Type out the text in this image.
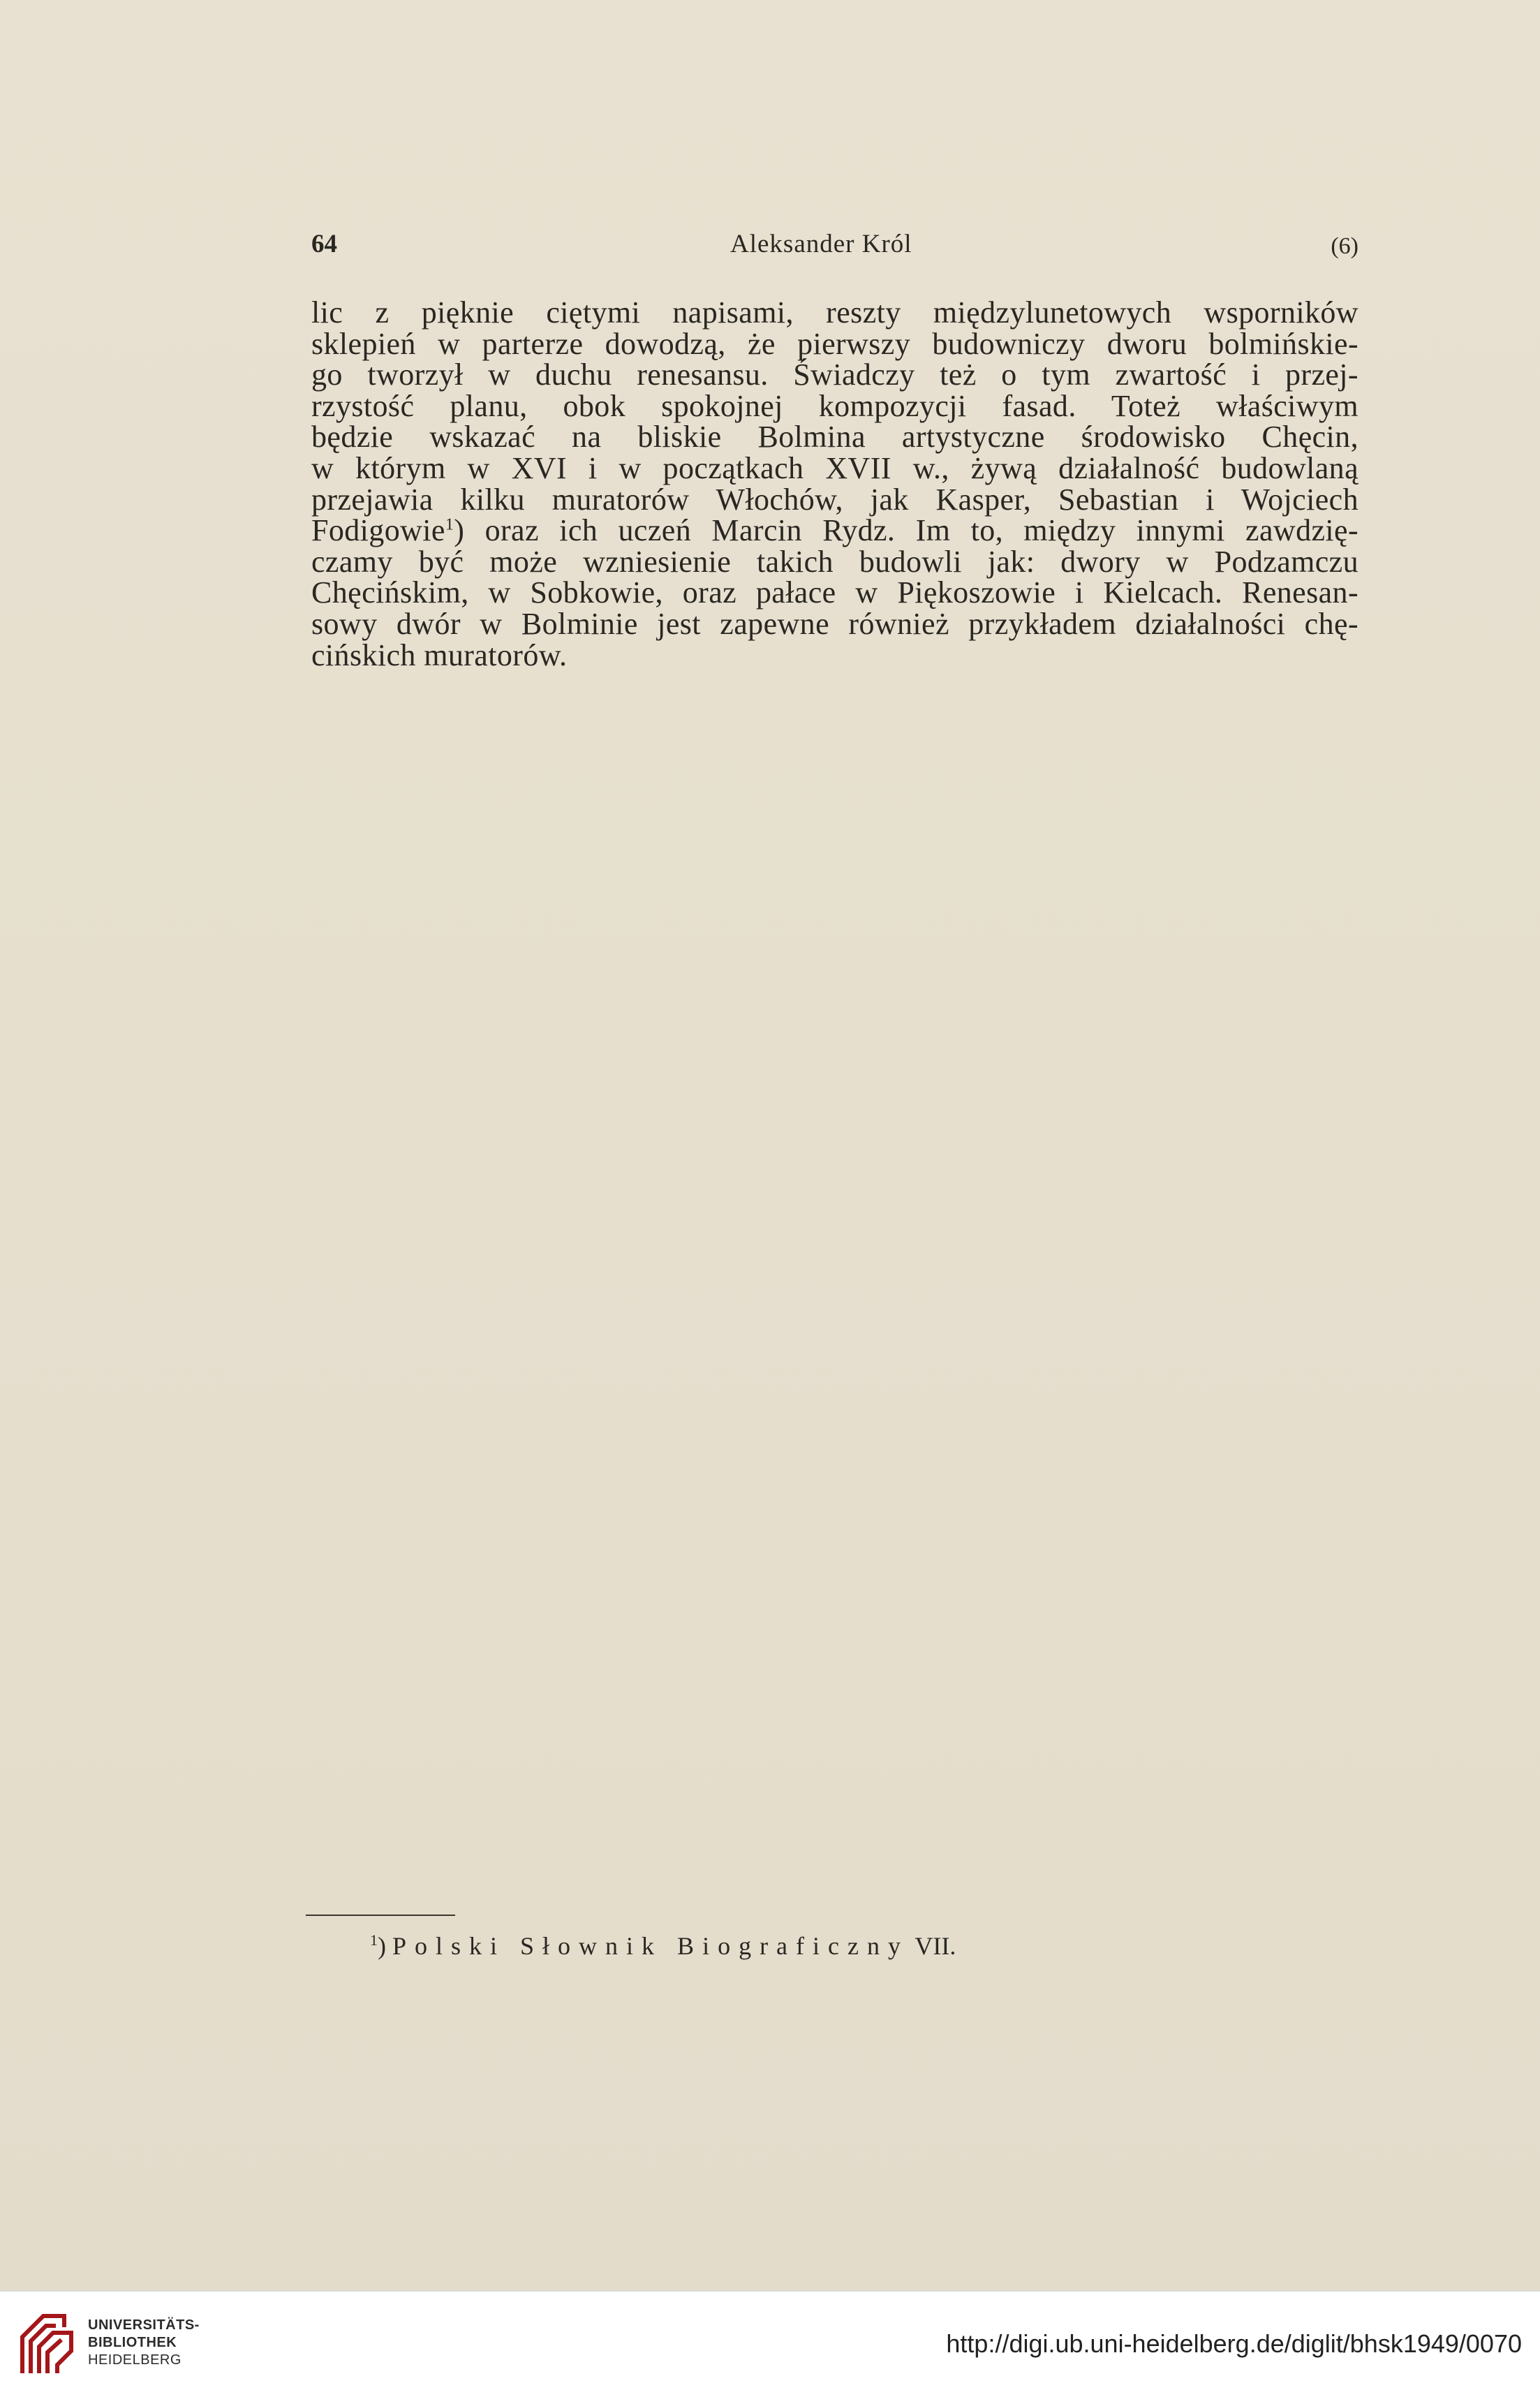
64	Aleksander Król	(6)
lic z pięknie ciętymi napisami, reszty międzylunetowych wsporników
sklepień w parterze dowodzą, że pierwszy budowniczy dworu bolmińskie-
go tworzył w duchu renesansu. Świadczy też o tym zwartość i przej-
rzystość planu, obok spokojnej kompozycji fasad. Toteż właściwym
będzie wskazać na bliskie Bolmina artystyczne środowisko Chęcin,
w którym w XVI i w początkach XVII w., żywą działalność budowlaną
przejawia kilku muratorów Włochów, jak Kasper, Sebastian i Wojciech
Fodigowie$^1$) oraz ich uczeń Marcin Rydz. Im to, między innymi zawdzię-
czamy być może wzniesienie takich budowli jak: dwory w Podzamczu
Chęcińskim, w Sobkowie, oraz pałace w Piękoszowie i Kielcach. Renesan-
sowy dwór w Bolminie jest zapewne również przykładem działalności chę-
cińskich muratorów.
$^1$) Polski Słownik Biograficzny VII.
UNIVERSITÄTS-
BIBLIOTHEK
HEIDELBERG
http://digi.ub.uni-heidelberg.de/diglit/bhsk1949/0070
